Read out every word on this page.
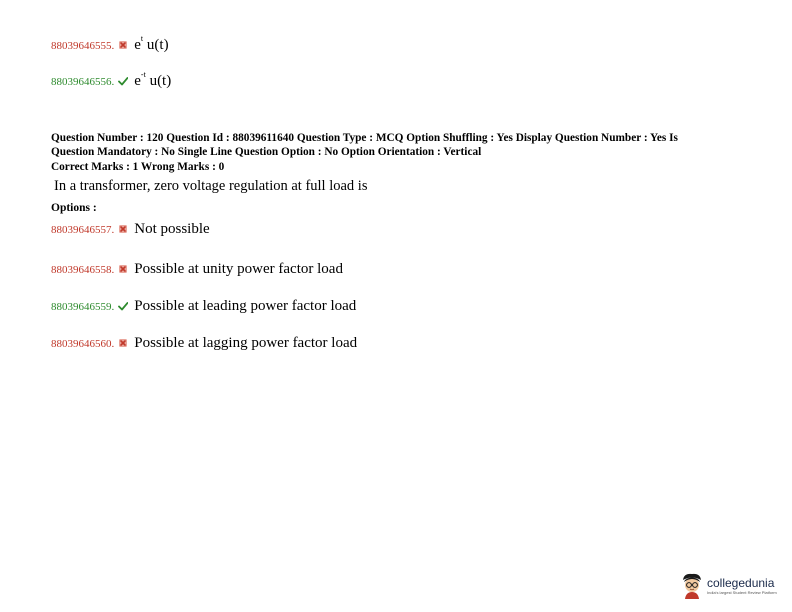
88039646555. $e^t$ u(t)
88039646556. $e^{-t}$ u(t)
Question Number : 120 Question Id : 88039611640 Question Type : MCQ Option Shuffling : Yes Display Question Number : Yes Is
Question Mandatory : No Single Line Question Option : No Option Orientation : Vertical
Correct Marks : 1 Wrong Marks : 0
In a transformer, zero voltage regulation at full load is
Options :
88039646557. Not possible
88039646558. Possible at unity power factor load
88039646559. Possible at leading power factor load
88039646560. Possible at lagging power factor load
collegedunia
India's largest Student Review Platform
